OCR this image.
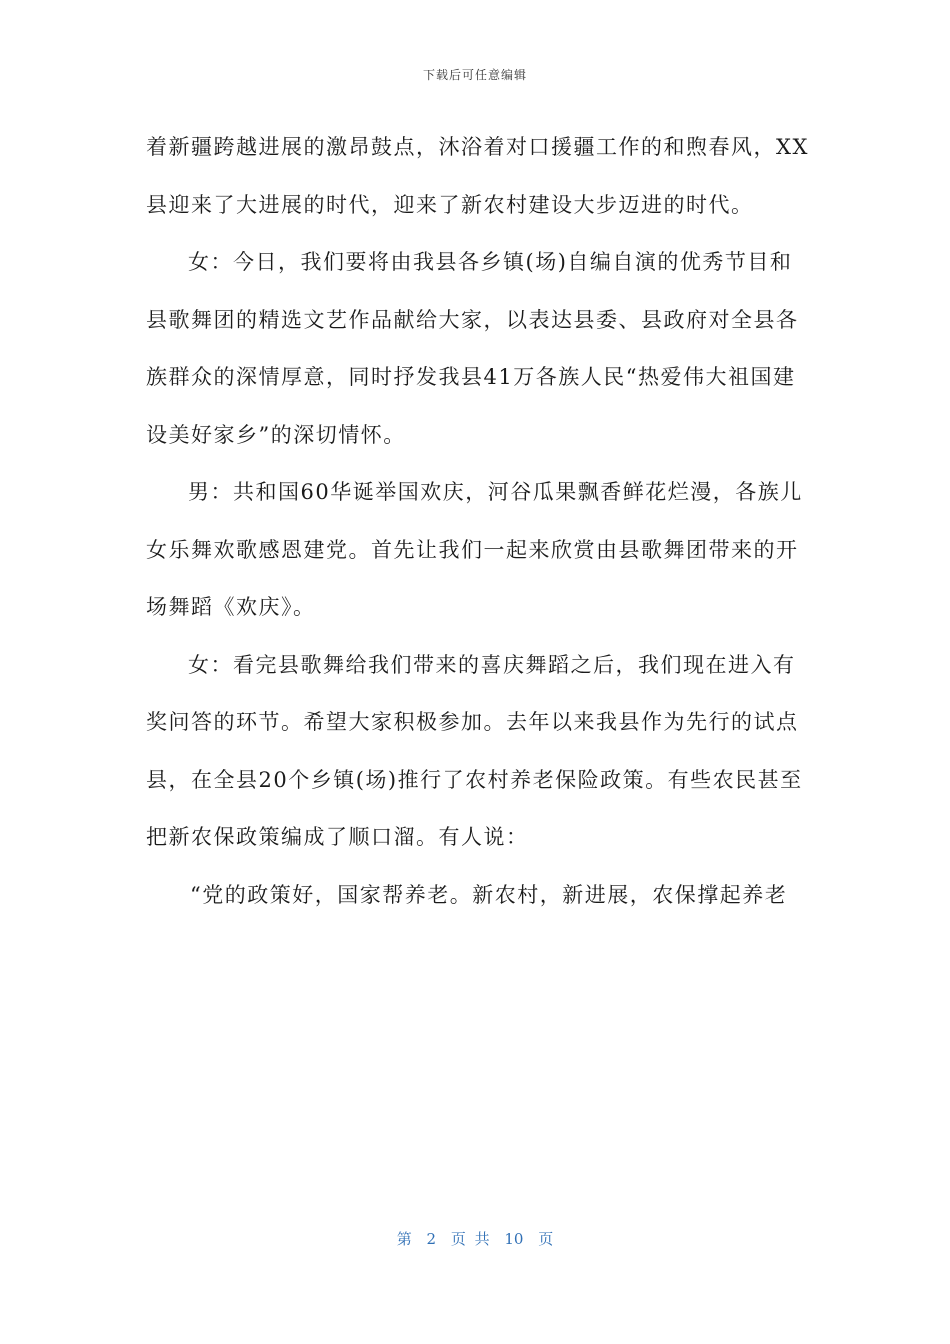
下载后可任意编辑
着新疆跨越进展的激昂鼓点，沐浴着对口援疆工作的和煦春风，XX
县迎来了大进展的时代，迎来了新农村建设大步迈进的时代。
女：今日，我们要将由我县各乡镇(场)自编自演的优秀节目和
县歌舞团的精选文艺作品献给大家，以表达县委、县政府对全县各
族群众的深情厚意，同时抒发我县41万各族人民“热爱伟大祖国建
设美好家乡”的深切情怀。
男：共和国60华诞举国欢庆，河谷瓜果飘香鲜花烂漫，各族儿
女乐舞欢歌感恩建党。首先让我们一起来欣赏由县歌舞团带来的开
场舞蹈《欢庆》。
女：看完县歌舞给我们带来的喜庆舞蹈之后，我们现在进入有
奖问答的环节。希望大家积极参加。去年以来我县作为先行的试点
县，在全县20个乡镇(场)推行了农村养老保险政策。有些农民甚至
把新农保政策编成了顺口溜。有人说：
“党的政策好，国家帮养老。新农村，新进展，农保撑起养老
第 2 页 共 10 页
